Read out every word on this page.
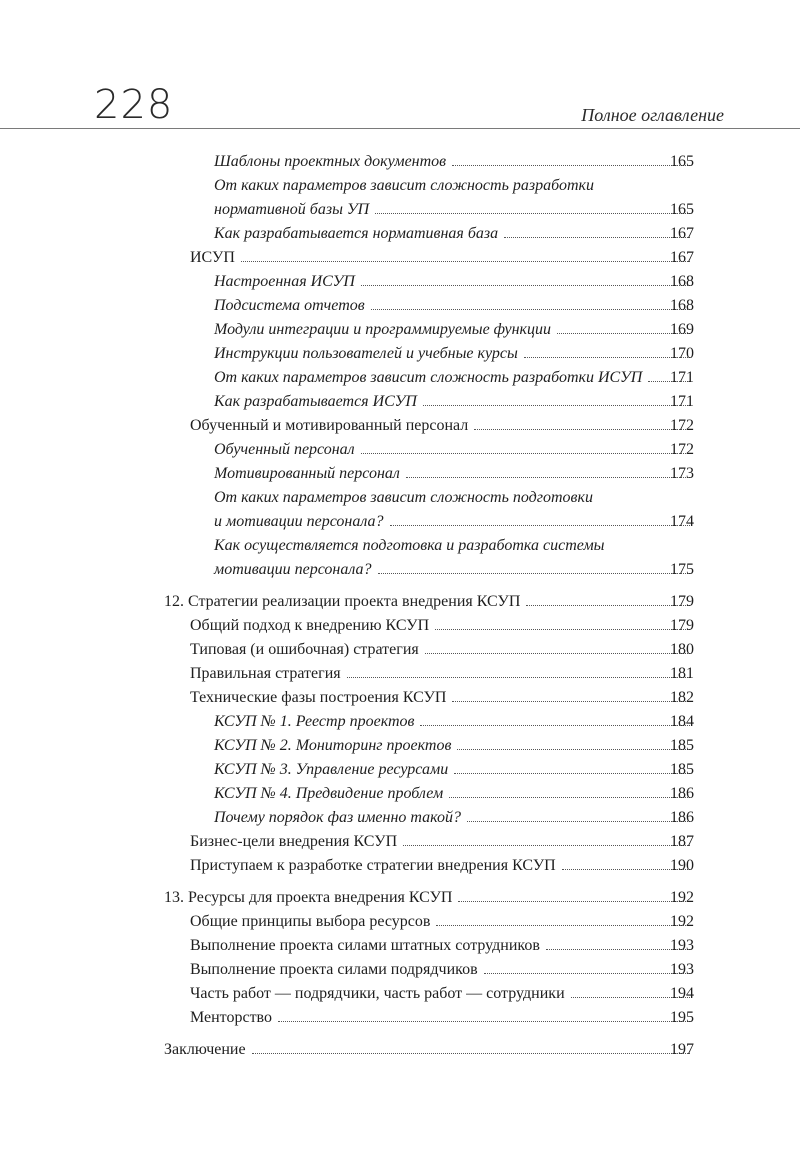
228	Полное оглавление
Шаблоны проектных документов	165
От каких параметров зависит сложность разработки
нормативной базы УП	165
Как разрабатывается нормативная база	167
ИСУП	167
Настроенная ИСУП	168
Подсистема отчетов	168
Модули интеграции и программируемые функции	169
Инструкции пользователей и учебные курсы	170
От каких параметров зависит сложность разработки ИСУП 171
Как разрабатывается ИСУП	171
Обученный и мотивированный персонал	172
Обученный персонал	172
Мотивированный персонал	173
От каких параметров зависит сложность подготовки
и мотивации персонала?	174
Как осуществляется подготовка и разработка системы
мотивации персонала?	175
12. Стратегии реализации проекта внедрения КСУП	179
Общий подход к внедрению КСУП	179
Типовая (и ошибочная) стратегия	180
Правильная стратегия	181
Технические фазы построения КСУП	182
КСУП № 1. Реестр проектов	184
КСУП № 2. Мониторинг проектов	185
КСУП № 3. Управление ресурсами	185
КСУП № 4. Предвидение проблем	186
Почему порядок фаз именно такой?	186
Бизнес-цели внедрения КСУП	187
Приступаем к разработке стратегии внедрения КСУП	190
13. Ресурсы для проекта внедрения КСУП	192
Общие принципы выбора ресурсов	192
Выполнение проекта силами штатных сотрудников	193
Выполнение проекта силами подрядчиков	193
Часть работ — подрядчики, часть работ — сотрудники	194
Менторство	195
Заключение	197
